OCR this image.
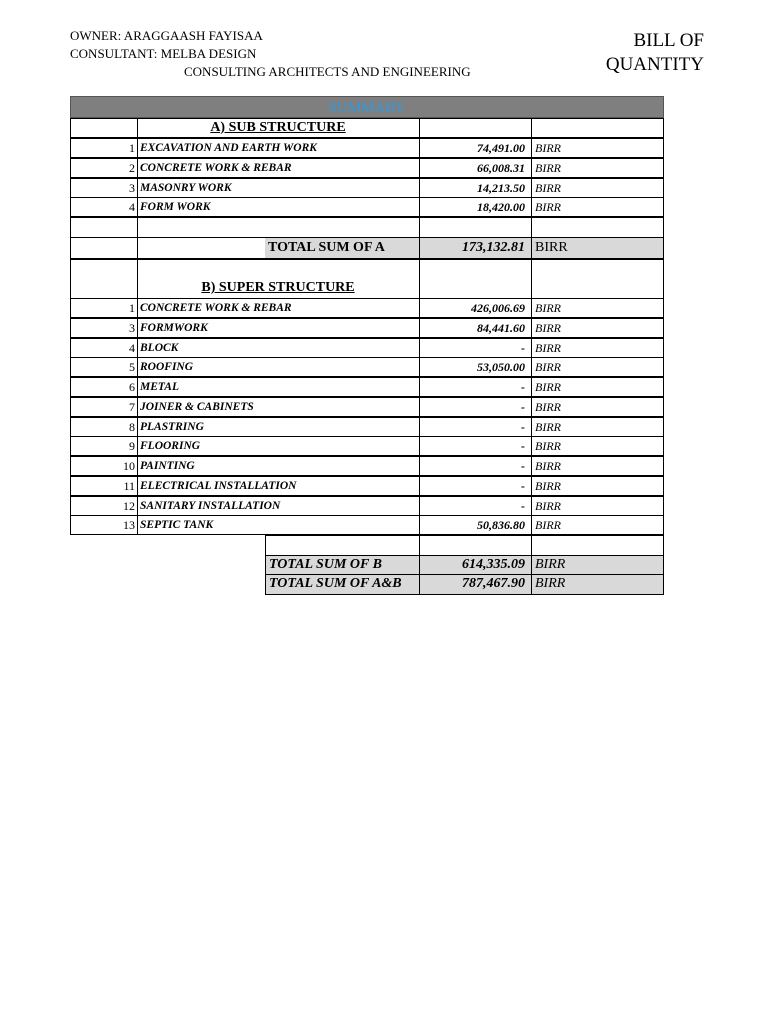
OWNER: ARAGGAASH FAYISAA
CONSULTANT: MELBA DESIGN
CONSULTING ARCHITECTS AND ENGINEERING
BILL OF
QUANTITY
SUMMARY
A) SUB STRUCTURE
1 EXCAVATION AND EARTH WORK	74,491.00 BIRR
2 CONCRETE WORK & REBAR	66,008.31 BIRR
3 MASONRY WORK	14,213.50 BIRR
4 FORM WORK	18,420.00 BIRR
TOTAL SUM OF A	173,132.81 BIRR
B) SUPER STRUCTURE
1 CONCRETE WORK & REBAR	426,006.69 BIRR
3 FORMWORK	84,441.60 BIRR
4 BLOCK	- BIRR
5 ROOFING	53,050.00 BIRR
6 METAL	- BIRR
7 JOINER & CABINETS	- BIRR
8 PLASTRING	- BIRR
9 FLOORING	- BIRR
10 PAINTING	- BIRR
11 ELECTRICAL INSTALLATION	- BIRR
12 SANITARY INSTALLATION	- BIRR
13 SEPTIC TANK	50,836.80 BIRR
TOTAL SUM OF B	614,335.09 BIRR
TOTAL SUM OF A&B	787,467.90 BIRR
